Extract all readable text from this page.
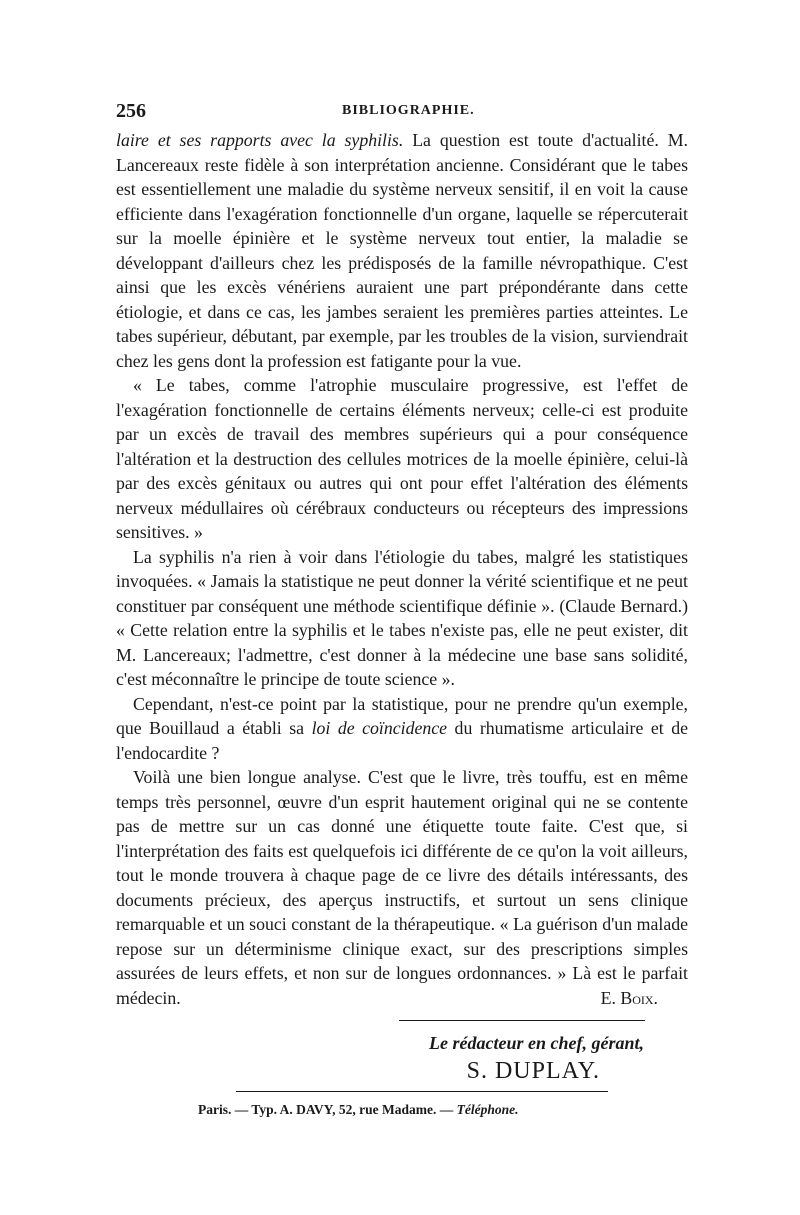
256	BIBLIOGRAPHIE.

laire et ses rapports avec la syphilis. La question est toute d'actualité. M. Lancereaux reste fidèle à son interprétation ancienne. Considérant que le tabes est essentiellement une maladie du système nerveux sensitif, il en voit la cause efficiente dans l'exagération fonctionnelle d'un organe, laquelle se répercuterait sur la moelle épinière et le système nerveux tout entier, la maladie se développant d'ailleurs chez les prédisposés de la famille névropathique. C'est ainsi que les excès vénériens auraient une part prépondérante dans cette étiologie, et dans ce cas, les jambes seraient les premières parties atteintes. Le tabes supérieur, débutant, par exemple, par les troubles de la vision, surviendrait chez les gens dont la profession est fatigante pour la vue.

« Le tabes, comme l'atrophie musculaire progressive, est l'effet de l'exagération fonctionnelle de certains éléments nerveux; celle-ci est produite par un excès de travail des membres supérieurs qui a pour conséquence l'altération et la destruction des cellules motrices de la moelle épinière, celui-là par des excès génitaux ou autres qui ont pour effet l'altération des éléments nerveux médullaires où cérébraux conducteurs ou récepteurs des impressions sensitives. »

La syphilis n'a rien à voir dans l'étiologie du tabes, malgré les statistiques invoquées. « Jamais la statistique ne peut donner la vérité scientifique et ne peut constituer par conséquent une méthode scientifique définie ». (Claude Bernard.) « Cette relation entre la syphilis et le tabes n'existe pas, elle ne peut exister, dit M. Lancereaux; l'admettre, c'est donner à la médecine une base sans solidité, c'est méconnaître le principe de toute science ».

Cependant, n'est-ce point par la statistique, pour ne prendre qu'un exemple, que Bouillaud a établi sa loi de coïncidence du rhumatisme articulaire et de l'endocardite ?

Voilà une bien longue analyse. C'est que le livre, très touffu, est en même temps très personnel, œuvre d'un esprit hautement original qui ne se contente pas de mettre sur un cas donné une étiquette toute faite. C'est que, si l'interprétation des faits est quelquefois ici différente de ce qu'on la voit ailleurs, tout le monde trouvera à chaque page de ce livre des détails intéressants, des documents précieux, des aperçus instructifs, et surtout un sens clinique remarquable et un souci constant de la thérapeutique. « La guérison d'un malade repose sur un déterminisme clinique exact, sur des prescriptions simples assurées de leurs effets, et non sur de longues ordonnances. » Là est le parfait médecin.	E. Boix.
Le rédacteur en chef, gérant,
S. DUPLAY.
Paris. — Typ. A. DAVY, 52, rue Madame. — Téléphone.
